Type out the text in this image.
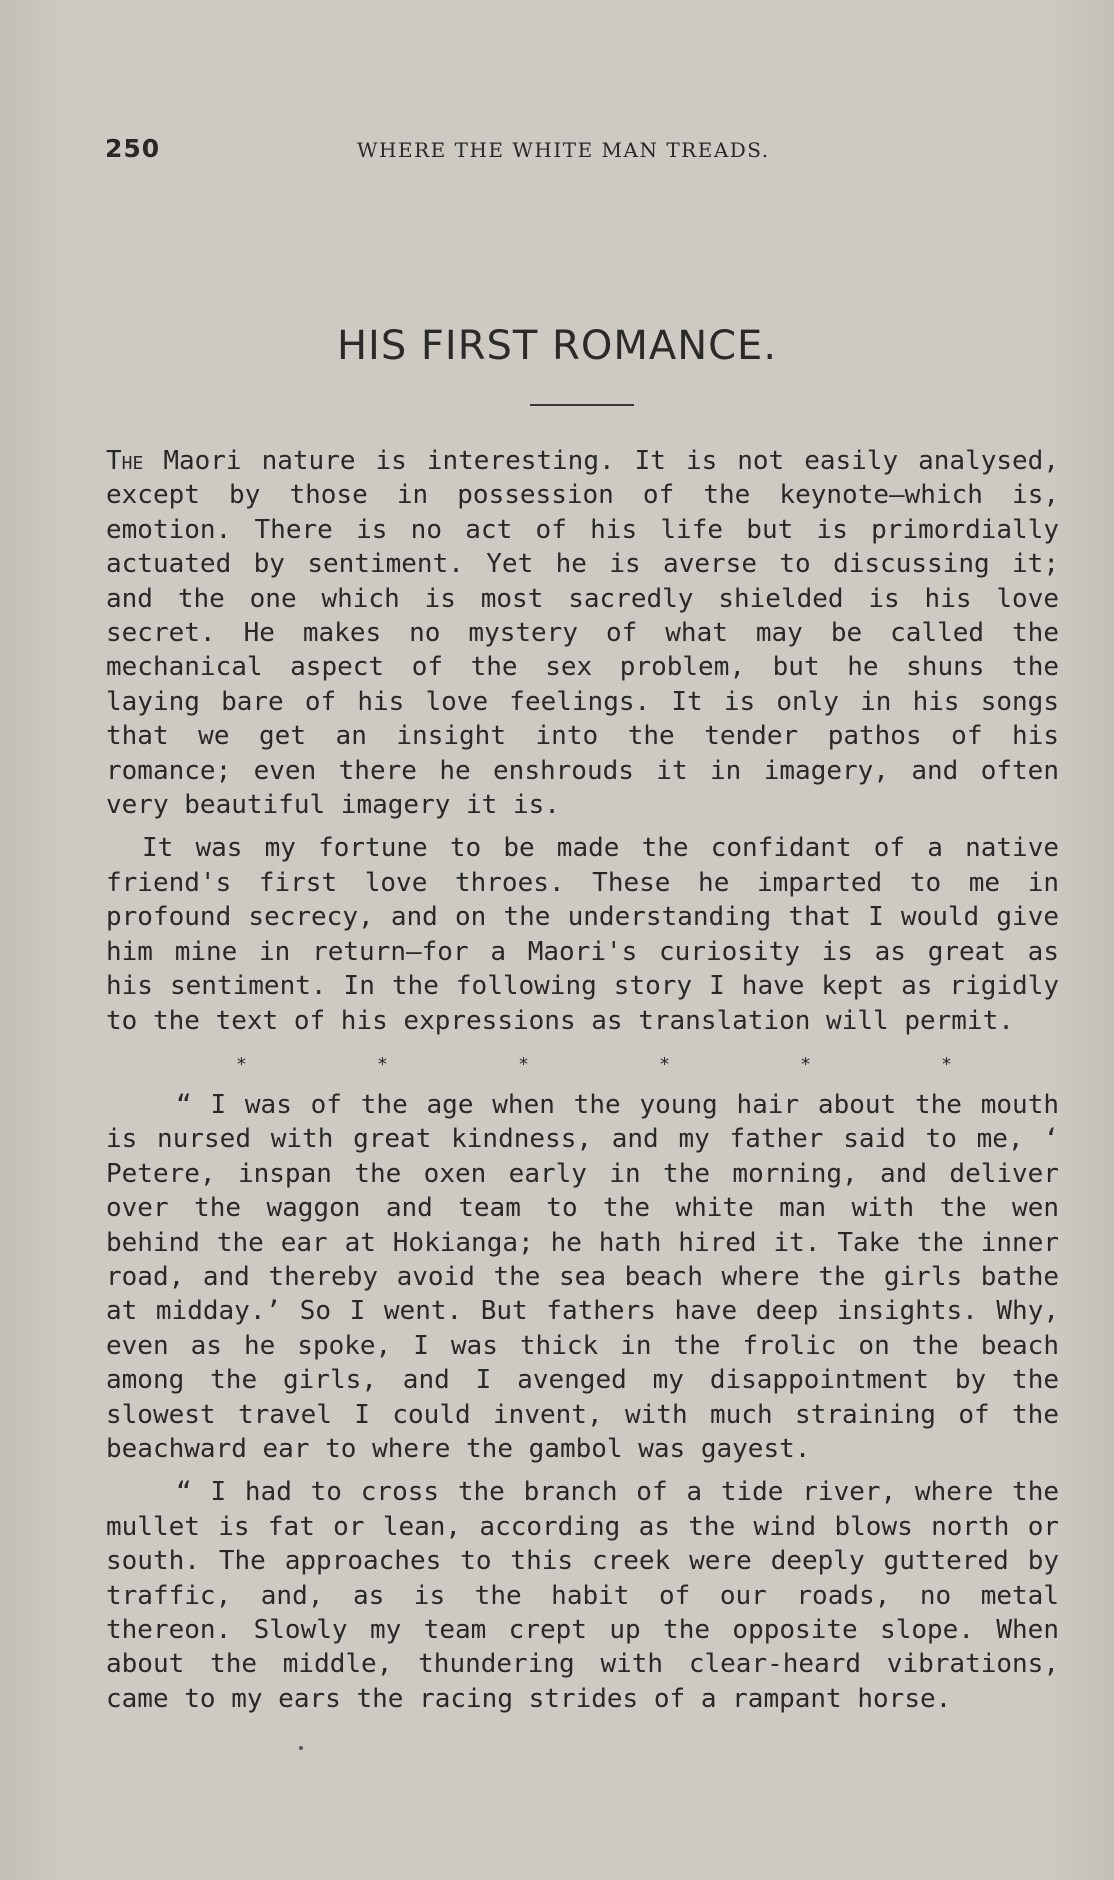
250	WHERE THE WHITE MAN TREADS.
HIS FIRST ROMANCE.

The Maori nature is interesting. It is not easily analysed, except by those in possession of the keynote—which is, emotion. There is no act of his life but is primordially actuated by sentiment. Yet he is averse to discussing it; and the one which is most sacredly shielded is his love secret. He makes no mystery of what may be called the mechanical aspect of the sex problem, but he shuns the laying bare of his love feelings. It is only in his songs that we get an insight into the tender pathos of his romance; even there he enshrouds it in imagery, and often very beautiful imagery it is.

It was my fortune to be made the confidant of a native friend's first love throes. These he imparted to me in profound secrecy, and on the understanding that I would give him mine in return—for a Maori's curiosity is as great as his sentiment. In the following story I have kept as rigidly to the text of his expressions as translation will permit.

*	*	*	*	*	*

“ I was of the age when the young hair about the mouth is nursed with great kindness, and my father said to me, ‘ Petere, inspan the oxen early in the morning, and deliver over the waggon and team to the white man with the wen behind the ear at Hokianga; he hath hired it. Take the inner road, and thereby avoid the sea beach where the girls bathe at midday.’ So I went. But fathers have deep insights. Why, even as he spoke, I was thick in the frolic on the beach among the girls, and I avenged my disappointment by the slowest travel I could invent, with much straining of the beachward ear to where the gambol was gayest.

“ I had to cross the branch of a tide river, where the mullet is fat or lean, according as the wind blows north or south. The approaches to this creek were deeply guttered by traffic, and, as is the habit of our roads, no metal thereon. Slowly my team crept up the opposite slope. When about the middle, thundering with clear-heard vibrations, came to my ears the racing strides of a rampant horse.
